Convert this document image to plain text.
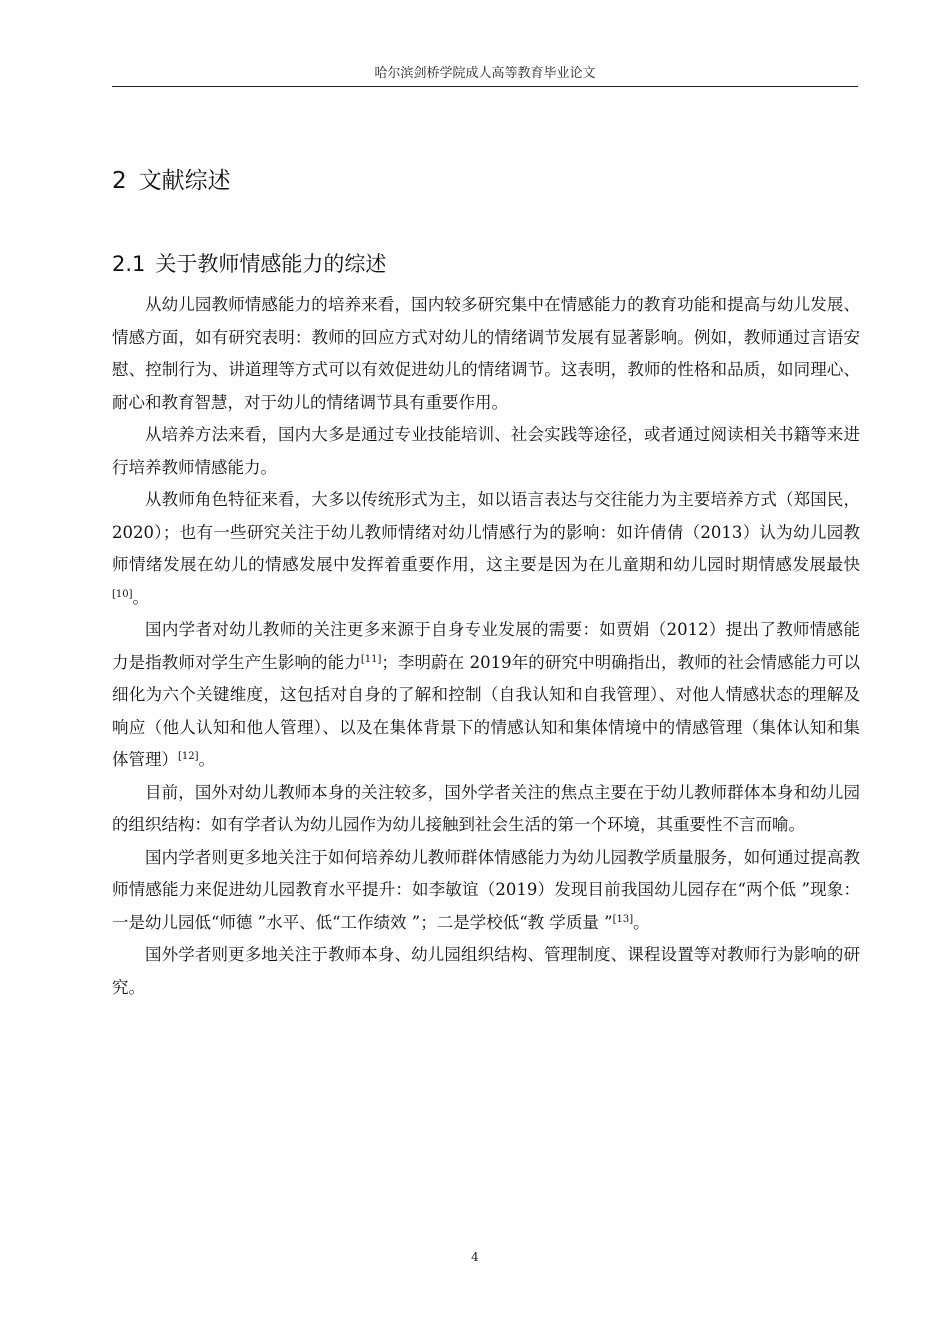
哈尔滨剑桥学院成人高等教育毕业论文
2 文献综述
2.1 关于教师情感能力的综述

从幼儿园教师情感能力的培养来看，国内较多研究集中在情感能力的教育功能和提高与幼儿发展、情感方面，如有研究表明：教师的回应方式对幼儿的情绪调节发展有显著影响。例如，教师通过言语安慰、控制行为、讲道理等方式可以有效促进幼儿的情绪调节。这表明，教师的性格和品质，如同理心、耐心和教育智慧，对于幼儿的情绪调节具有重要作用。

从培养方法来看，国内大多是通过专业技能培训、社会实践等途径，或者通过阅读相关书籍等来进行培养教师情感能力。

从教师角色特征来看，大多以传统形式为主，如以语言表达与交往能力为主要培养方式（郑国民，2020）；也有一些研究关注于幼儿教师情绪对幼儿情感行为的影响：如许倩倩（2013）认为幼儿园教师情绪发展在幼儿的情感发展中发挥着重要作用，这主要是因为在儿童期和幼儿园时期情感发展最快[10]。

国内学者对幼儿教师的关注更多来源于自身专业发展的需要：如贾娟（2012）提出了教师情感能力是指教师对学生产生影响的能力[11]；李明蔚在 2019年的研究中明确指出，教师的社会情感能力可以细化为六个关键维度，这包括对自身的了解和控制（自我认知和自我管理）、对他人情感状态的理解及响应（他人认知和他人管理）、以及在集体背景下的情感认知和集体情境中的情感管理（集体认知和集体管理）[12]。

目前，国外对幼儿教师本身的关注较多，国外学者关注的焦点主要在于幼儿教师群体本身和幼儿园的组织结构：如有学者认为幼儿园作为幼儿接触到社会生活的第一个环境，其重要性不言而喻。

国内学者则更多地关注于如何培养幼儿教师群体情感能力为幼儿园教学质量服务，如何通过提高教师情感能力来促进幼儿园教育水平提升：如李敏谊（2019）发现目前我国幼儿园存在“两个低 ”现象：一是幼儿园低“师德 ”水平、低“工作绩效 ”；二是学校低“教 学质量 ”[13]。

国外学者则更多地关注于教师本身、幼儿园组织结构、管理制度、课程设置等对教师行为影响的研究。

4
